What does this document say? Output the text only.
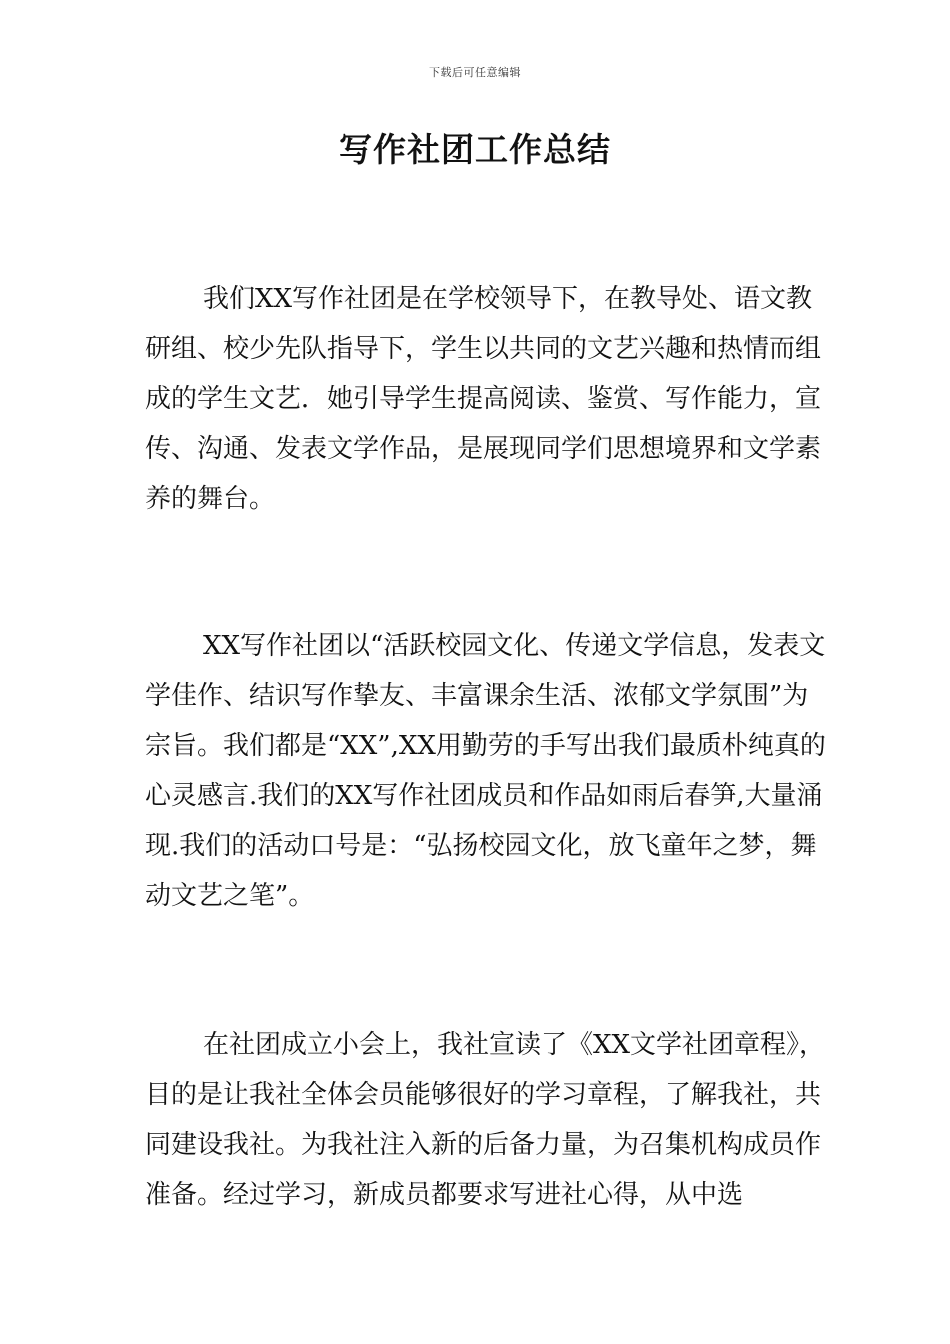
下载后可任意编辑
写作社团工作总结

我们XX写作社团是在学校领导下，在教导处、语文教研组、校少先队指导下，学生以共同的文艺兴趣和热情而组成的学生文艺．她引导学生提高阅读、鉴赏、写作能力，宣传、沟通、发表文学作品，是展现同学们思想境界和文学素养的舞台。

XX写作社团以“活跃校园文化、传递文学信息，发表文学佳作、结识写作挚友、丰富课余生活、浓郁文学氛围”为宗旨。我们都是“XX”,XX用勤劳的手写出我们最质朴纯真的心灵感言.我们的XX写作社团成员和作品如雨后春笋,大量涌现.我们的活动口号是：“弘扬校园文化，放飞童年之梦，舞动文艺之笔”。

在社团成立小会上，我社宣读了《XX文学社团章程》，目的是让我社全体会员能够很好的学习章程，了解我社，共同建设我社。为我社注入新的后备力量，为召集机构成员作准备。经过学习，新成员都要求写进社心得，从中选
